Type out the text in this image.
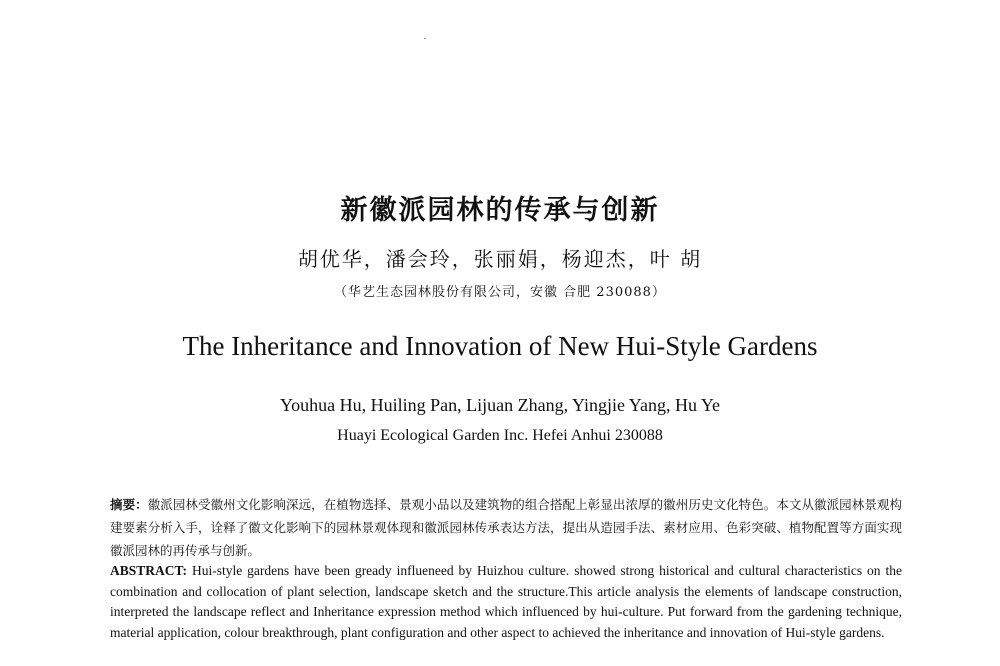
新徽派园林的传承与创新
胡优华，潘会玲，张丽娟，杨迎杰，叶 胡
（华艺生态园林股份有限公司，安徽 合肥 230088）
The Inheritance and Innovation of New Hui-Style Gardens
Youhua Hu, Huiling Pan, Lijuan Zhang, Yingjie Yang, Hu Ye
Huayi Ecological Garden Inc. Hefei Anhui 230088
摘要：徽派园林受徽州文化影响深远，在植物选择、景观小品以及建筑物的组合搭配上彰显出浓厚的徽州历史文化特色。本文从徽派园林景观构建要素分析入手，诠释了徽文化影响下的园林景观体现和徽派园林传承表达方法，提出从造园手法、素材应用、色彩突破、植物配置等方面实现徽派园林的再传承与创新。
ABSTRACT: Hui-style gardens have been gready influeneed by Huizhou culture. showed strong historical and cultural characteristics on the combination and collocation of plant selection, landscape sketch and the structure.This article analysis the elements of landscape construction, interpreted the landscape reflect and Inheritance expression method which influenced by hui-culture. Put forward from the gardening technique, material application, colour breakthrough, plant configuration and other aspect to achieved the inheritance and innovation of Hui-style gardens.
